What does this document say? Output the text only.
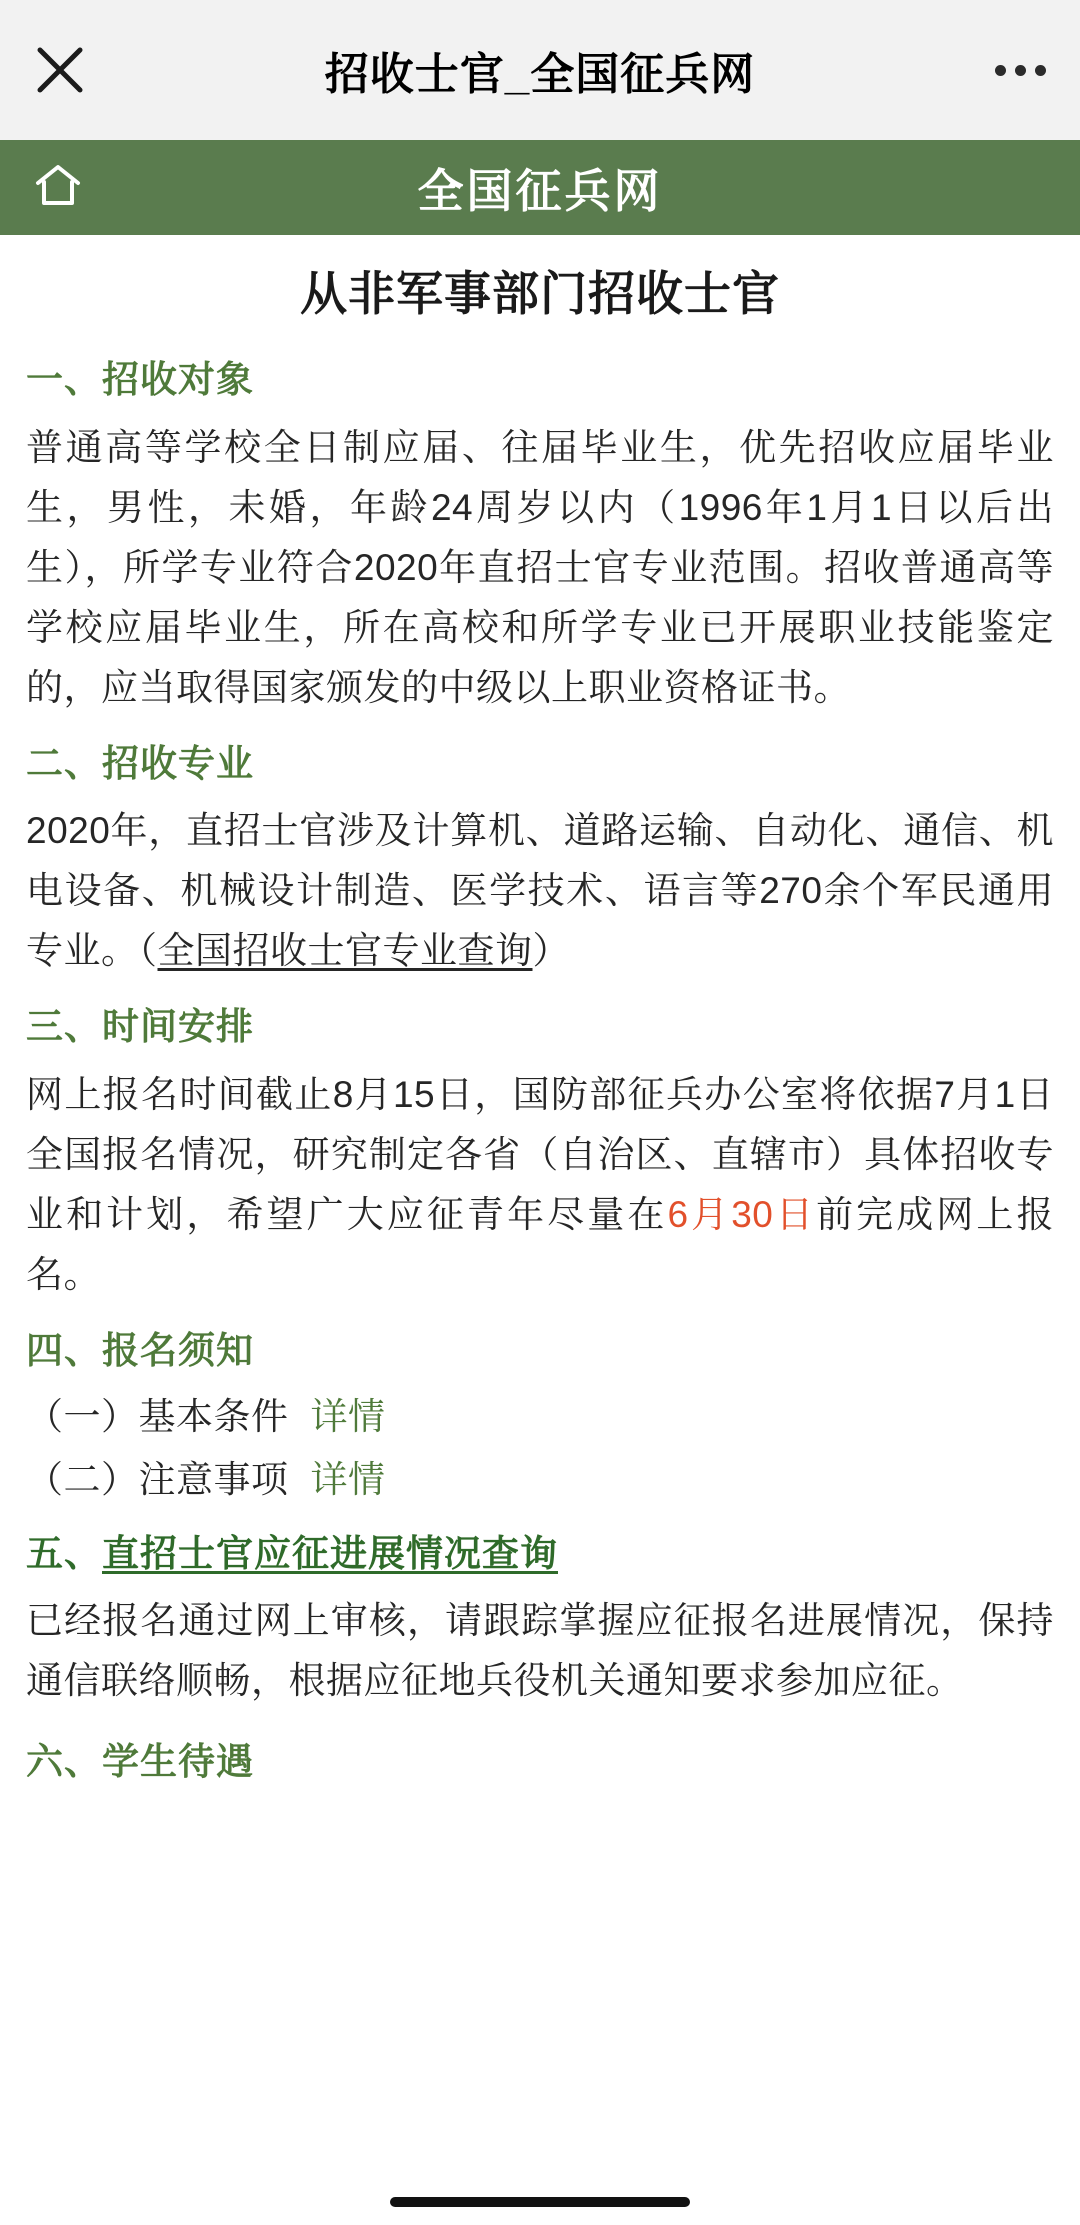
招收士官_全国征兵网
全国征兵网
从非军事部门招收士官
一、招收对象

普通高等学校全日制应届、往届毕业生，优先招收应届毕业生，男性，未婚，年龄24周岁以内（1996年1月1日以后出生），所学专业符合2020年直招士官专业范围。招收普通高等学校应届毕业生，所在高校和所学专业已开展职业技能鉴定的，应当取得国家颁发的中级以上职业资格证书。

二、招收专业

2020年，直招士官涉及计算机、道路运输、自动化、通信、机电设备、机械设计制造、医学技术、语言等270余个军民通用专业。（全国招收士官专业查询）

三、时间安排

网上报名时间截止8月15日，国防部征兵办公室将依据7月1日全国报名情况，研究制定各省（自治区、直辖市）具体招收专业和计划，希望广大应征青年尽量在6月30日前完成网上报名。

四、报名须知
（一）基本条件 详情
（二）注意事项 详情
五、直招士官应征进展情况查询

已经报名通过网上审核，请跟踪掌握应征报名进展情况，保持通信联络顺畅，根据应征地兵役机关通知要求参加应征。

六、学生待遇
